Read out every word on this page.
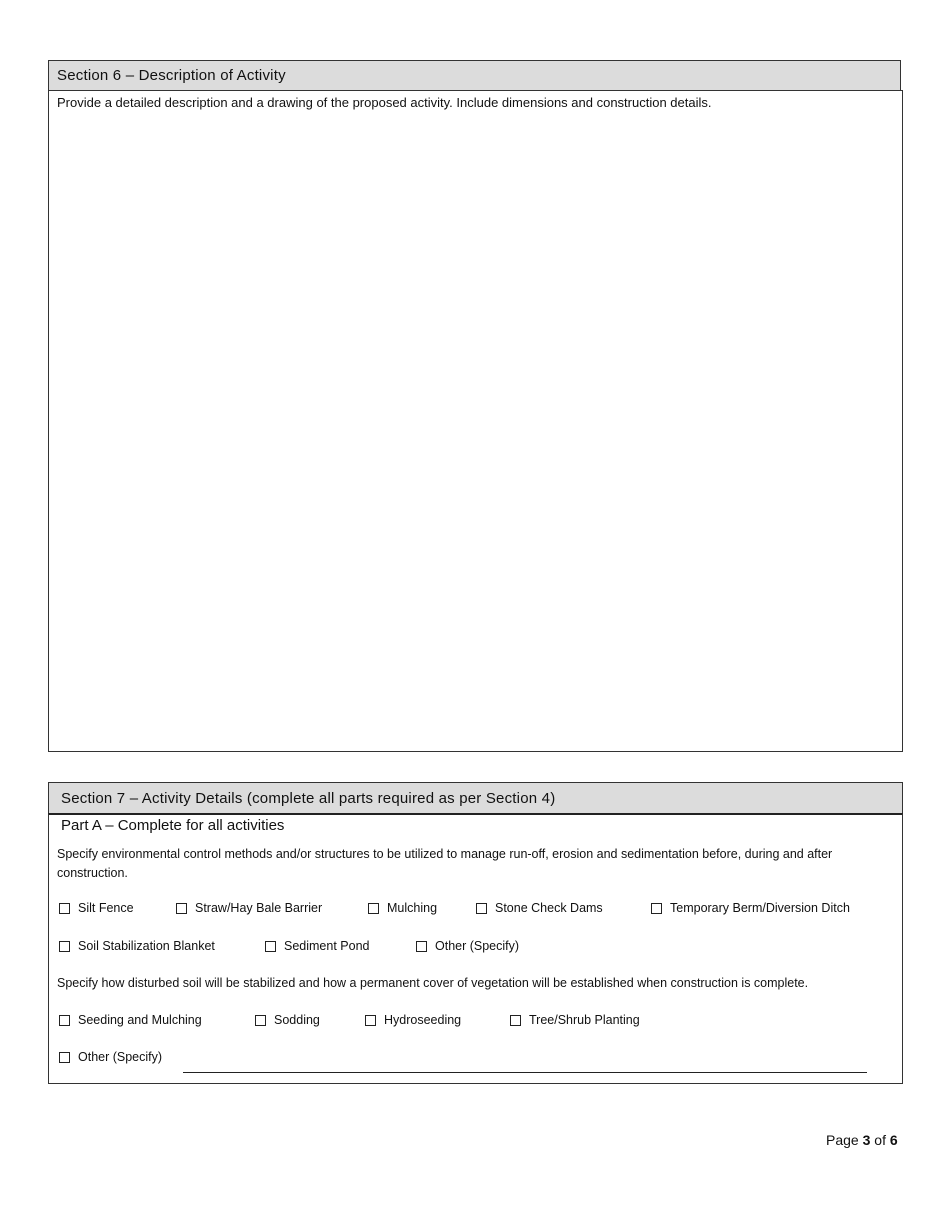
Section 6 – Description of Activity
Provide a detailed description and a drawing of the proposed activity. Include dimensions and construction details.
Section 7 – Activity Details (complete all parts required as per Section 4)
Part A – Complete for all activities
Specify environmental control methods and/or structures to be utilized to manage run-off, erosion and sedimentation before, during and after construction.
Silt Fence	Straw/Hay Bale Barrier	Mulching	Stone Check Dams	Temporary Berm/Diversion Ditch
Soil Stabilization Blanket	Sediment Pond	Other (Specify)
Specify how disturbed soil will be stabilized and how a permanent cover of vegetation will be established when construction is complete.
Seeding and Mulching	Sodding	Hydroseeding	Tree/Shrub Planting
Other (Specify)
Page 3 of 6
